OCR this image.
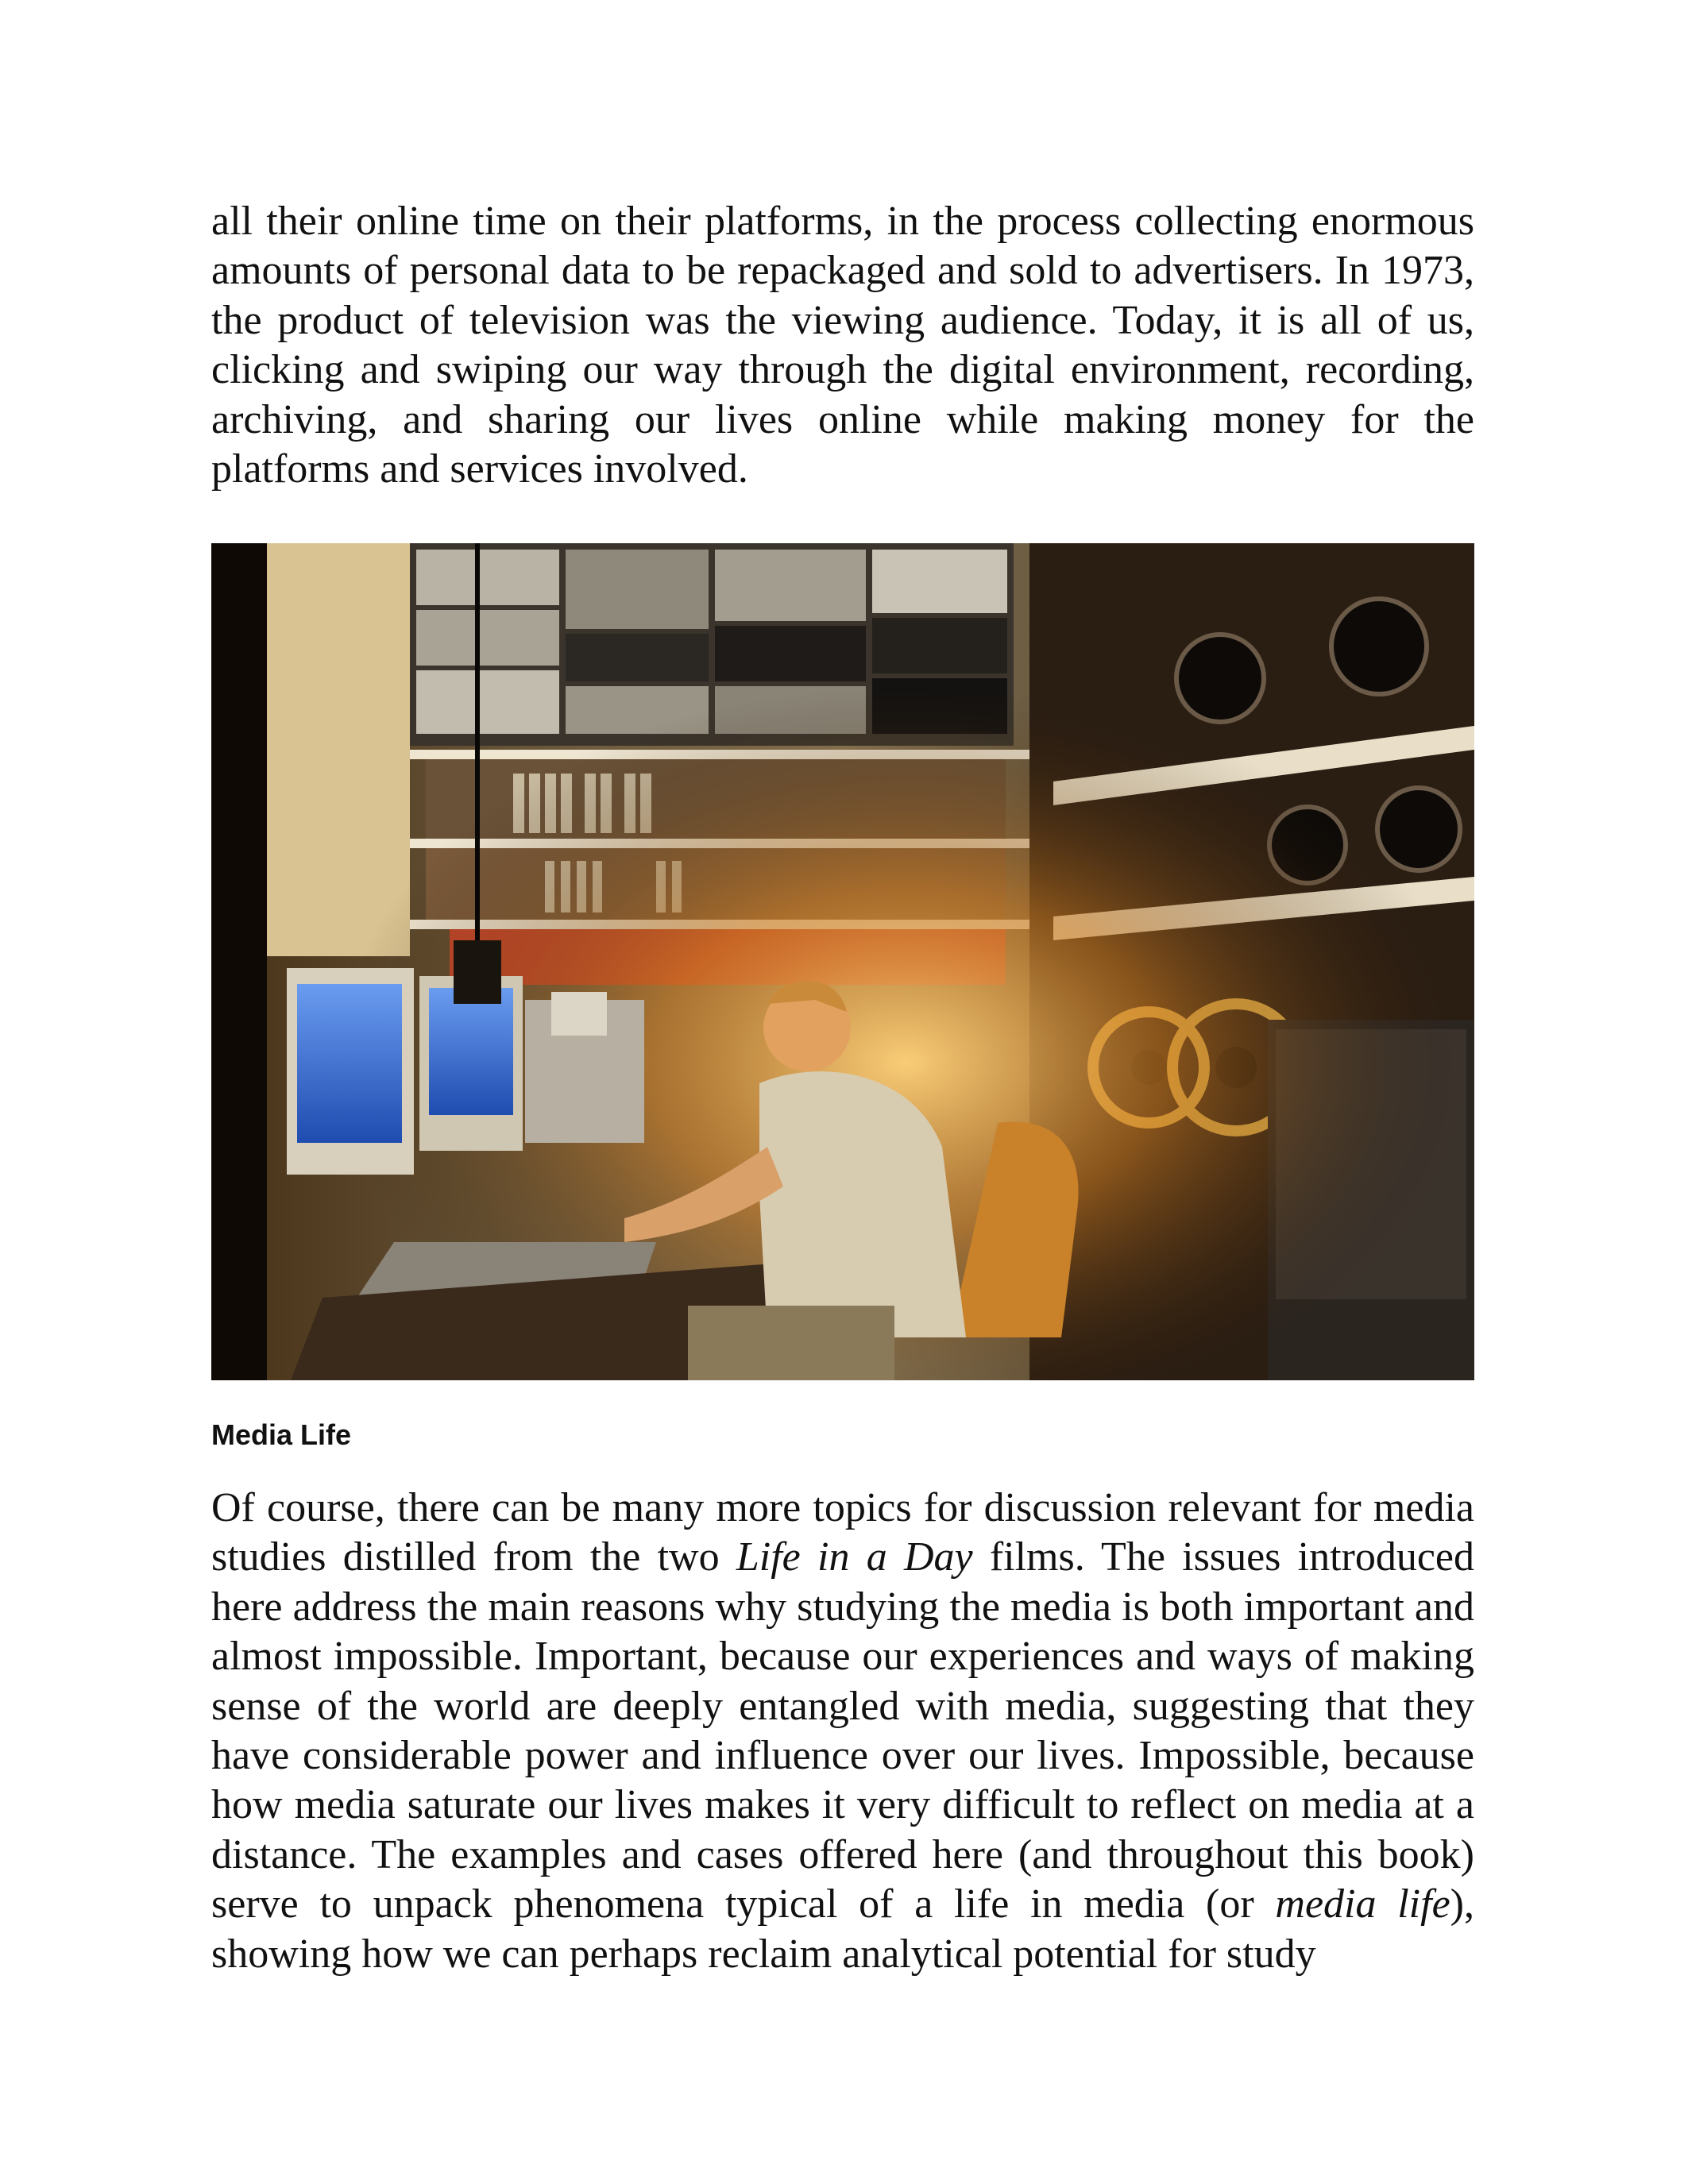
all their online time on their platforms, in the process collecting enormous amounts of personal data to be repackaged and sold to advertisers. In 1973, the product of television was the viewing audience. Today, it is all of us, clicking and swiping our way through the digital environment, recording, archiving, and sharing our lives online while making money for the platforms and services involved.

Media Life

Of course, there can be many more topics for discussion relevant for media studies distilled from the two Life in a Day films. The issues introduced here address the main reasons why studying the media is both important and almost impossible. Important, because our experiences and ways of making sense of the world are deeply entangled with media, suggesting that they have considerable power and influence over our lives. Impossible, because how media saturate our lives makes it very difficult to reflect on media at a distance. The examples and cases offered here (and throughout this book) serve to unpack phenomena typical of a life in media (or media life), showing how we can perhaps reclaim analytical potential for study
